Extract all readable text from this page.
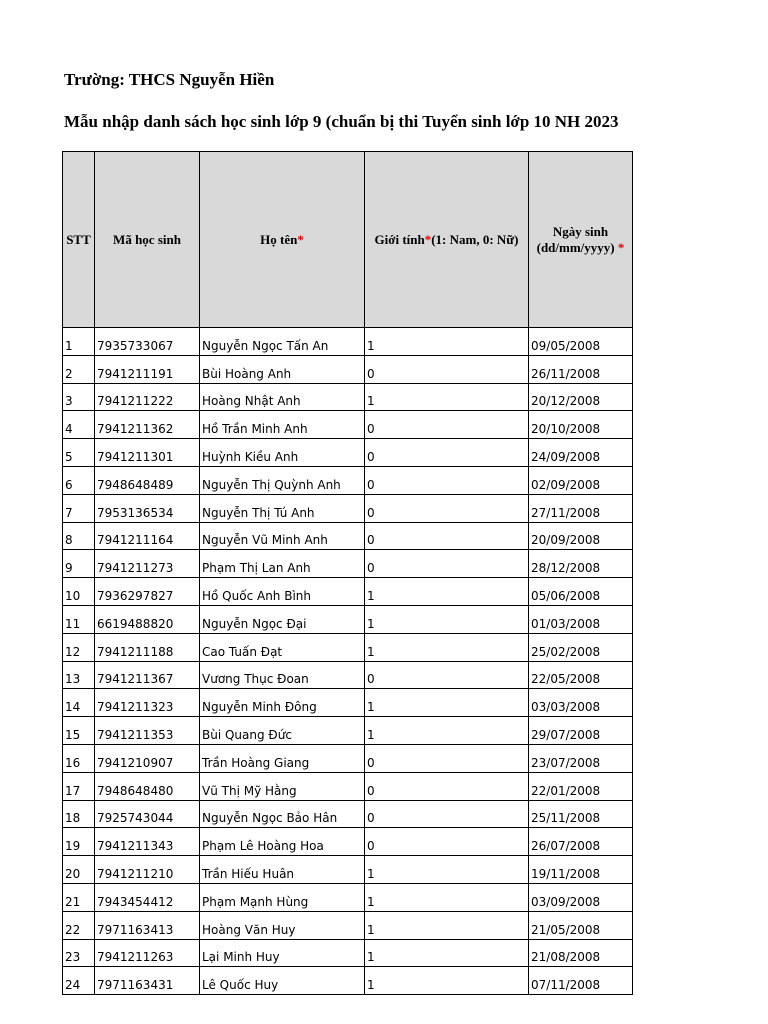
Trường: THCS Nguyễn Hiền
Mẫu nhập danh sách học sinh lớp 9 (chuẩn bị thi Tuyển sinh lớp 10 NH 2023
STT	Mã học sinh	Họ tên*	Giới tính*(1: Nam, 0: Nữ)	Ngày sinh
(dd/mm/yyyy) *
1	7935733067	Nguyễn Ngọc Tấn An	1	09/05/2008
2	7941211191	Bùi Hoàng Anh	0	26/11/2008
3	7941211222	Hoàng Nhật Anh	1	20/12/2008
4	7941211362	Hồ Trần Minh Anh	0	20/10/2008
5	7941211301	Huỳnh Kiều Anh	0	24/09/2008
6	7948648489	Nguyễn Thị Quỳnh Anh	0	02/09/2008
7	7953136534	Nguyễn Thị Tú Anh	0	27/11/2008
8	7941211164	Nguyễn Vũ Minh Anh	0	20/09/2008
9	7941211273	Phạm Thị Lan Anh	0	28/12/2008
10	7936297827	Hồ Quốc Anh Bình	1	05/06/2008
11	6619488820	Nguyễn Ngọc Đại	1	01/03/2008
12	7941211188	Cao Tuấn Đạt	1	25/02/2008
13	7941211367	Vương Thục Đoan	0	22/05/2008
14	7941211323	Nguyễn Minh Đông	1	03/03/2008
15	7941211353	Bùi Quang Đức	1	29/07/2008
16	7941210907	Trần Hoàng Giang	0	23/07/2008
17	7948648480	Vũ Thị Mỹ Hằng	0	22/01/2008
18	7925743044	Nguyễn Ngọc Bảo Hân	0	25/11/2008
19	7941211343	Phạm Lê Hoàng Hoa	0	26/07/2008
20	7941211210	Trần Hiếu Huân	1	19/11/2008
21	7943454412	Phạm Mạnh Hùng	1	03/09/2008
22	7971163413	Hoàng Văn Huy	1	21/05/2008
23	7941211263	Lại Minh Huy	1	21/08/2008
24	7971163431	Lê Quốc Huy	1	07/11/2008
